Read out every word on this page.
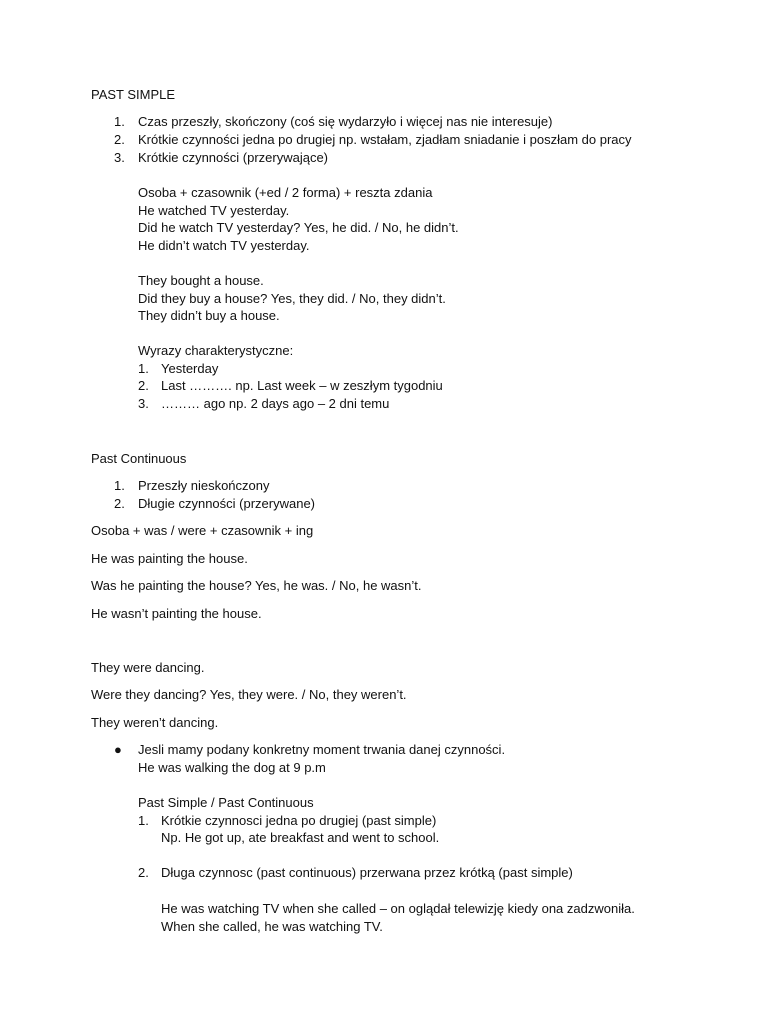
PAST SIMPLE
1. Czas przeszły, skończony (coś się wydarzyło i więcej nas nie interesuje)
2. Krótkie czynności jedna po drugiej np. wstałam, zjadłam sniadanie i poszłam do pracy
3. Krótkie czynności (przerywające)
Osoba + czasownik (+ed / 2 forma) + reszta zdania
He watched TV yesterday.
Did he watch TV yesterday? Yes, he did. / No, he didn’t.
He didn’t watch TV yesterday.
They bought a house.
Did they buy a house? Yes, they did. / No, they didn’t.
They didn’t buy a house.
Wyrazy charakterystyczne:
1. Yesterday
2. Last ………. np. Last week – w zeszłym tygodniu
3. ……… ago np. 2 days ago – 2 dni temu
Past Continuous
1. Przeszły nieskończony
2. Długie czynności (przerywane)
Osoba + was / were + czasownik + ing
He was painting the house.
Was he painting the house? Yes, he was. / No, he wasn’t.
He wasn’t painting the house.
They were dancing.
Were they dancing? Yes, they were. / No, they weren’t.
They weren’t dancing.
● Jesli mamy podany konkretny moment trwania danej czynności.
He was walking the dog at 9 p.m
Past Simple / Past Continuous
1. Krótkie czynnosci jedna po drugiej (past simple)
Np. He got up, ate breakfast and went to school.
2. Długa czynnosc (past continuous) przerwana przez krótką (past simple)
He was watching TV when she called – on oglądał telewizję kiedy ona zadzwoniła.
When she called, he was watching TV.
